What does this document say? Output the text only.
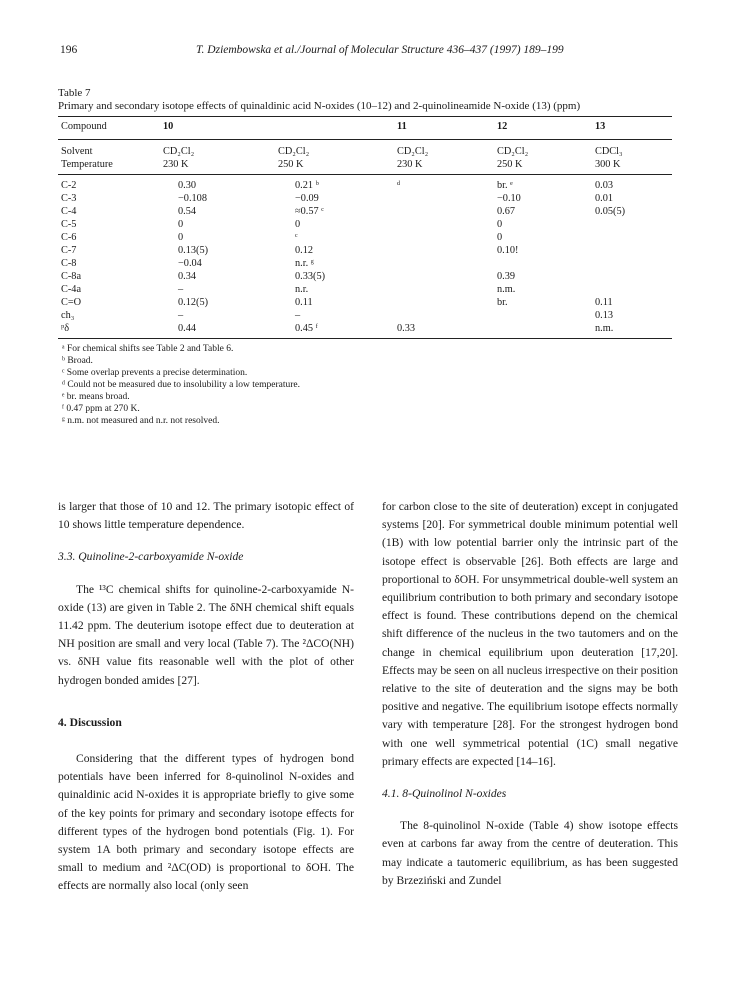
196	T. Dziembowska et al./Journal of Molecular Structure 436–437 (1997) 189–199
Table 7
Primary and secondary isotope effects of quinaldinic acid N-oxides (10–12) and 2-quinolineamide N-oxide (13) (ppm)
Compound	10		11	12	13
Solvent	CD₂Cl₂	CD₂Cl₂	CD₂Cl₂	CD₂Cl₂	CDCl₃
Temperature	230 K	250 K	230 K	250 K	300 K
C-2	0.30	0.21 ᵇ	ᵈ	br. ᵉ	0.03
C-3	−0.108	−0.09		−0.10	0.01
C-4	0.54	≈0.57 ᶜ		0.67	0.05(5)
C-5	0	0		0	
C-6	0	ᶜ		0	
C-7	0.13(5)	0.12		0.10!	
C-8	−0.04	n.r. ᵍ			
C-8a	0.34	0.33(5)		0.39	
C-4a	–	n.r.		n.m.	
C=O	0.12(5)	0.11		br.	0.11
ch₃	–	–			0.13
ᵖδ	0.44	0.45 ᶠ	0.33		n.m.
ᵃ For chemical shifts see Table 2 and Table 6.
ᵇ Broad.
ᶜ Some overlap prevents a precise determination.
ᵈ Could not be measured due to insolubility a low temperature.
ᵉ br. means broad.
ᶠ 0.47 ppm at 270 K.
ᵍ n.m. not measured and n.r. not resolved.

is larger that those of 10 and 12. The primary isotopic effect of 10 shows little temperature dependence.

3.3. Quinoline-2-carboxyamide N-oxide

The ¹³C chemical shifts for quinoline-2-carboxyamide N-oxide (13) are given in Table 2. The δNH chemical shift equals 11.42 ppm. The deuterium isotope effect due to deuteration at NH position are small and very local (Table 7). The ²ΔCO(NH) vs. δNH value fits reasonable well with the plot of other hydrogen bonded amides [27].

4. Discussion

Considering that the different types of hydrogen bond potentials have been inferred for 8-quinolinol N-oxides and quinaldinic acid N-oxides it is appropriate briefly to give some of the key points for primary and secondary isotope effects for different types of the hydrogen bond potentials (Fig. 1). For system 1A both primary and secondary isotope effects are small to medium and ²ΔC(OD) is proportional to δOH. The effects are normally also local (only seen

for carbon close to the site of deuteration) except in conjugated systems [20]. For symmetrical double minimum potential well (1B) with low potential barrier only the intrinsic part of the isotope effect is observable [26]. Both effects are large and proportional to δOH. For unsymmetrical double-well system an equilibrium contribution to both primary and secondary isotope effect is found. These contributions depend on the chemical shift difference of the nucleus in the two tautomers and on the change in chemical equilibrium upon deuteration [17,20]. Effects may be seen on all nucleus irrespective on their position relative to the site of deuteration and the signs may be both positive and negative. The equilibrium isotope effects normally vary with temperature [28]. For the strongest hydrogen bond with one well symmetrical potential (1C) small negative primary effects are expected [14–16].

4.1. 8-Quinolinol N-oxides

The 8-quinolinol N-oxide (Table 4) show isotope effects even at carbons far away from the centre of deuteration. This may indicate a tautomeric equilibrium, as has been suggested by Brzeziński and Zundel
